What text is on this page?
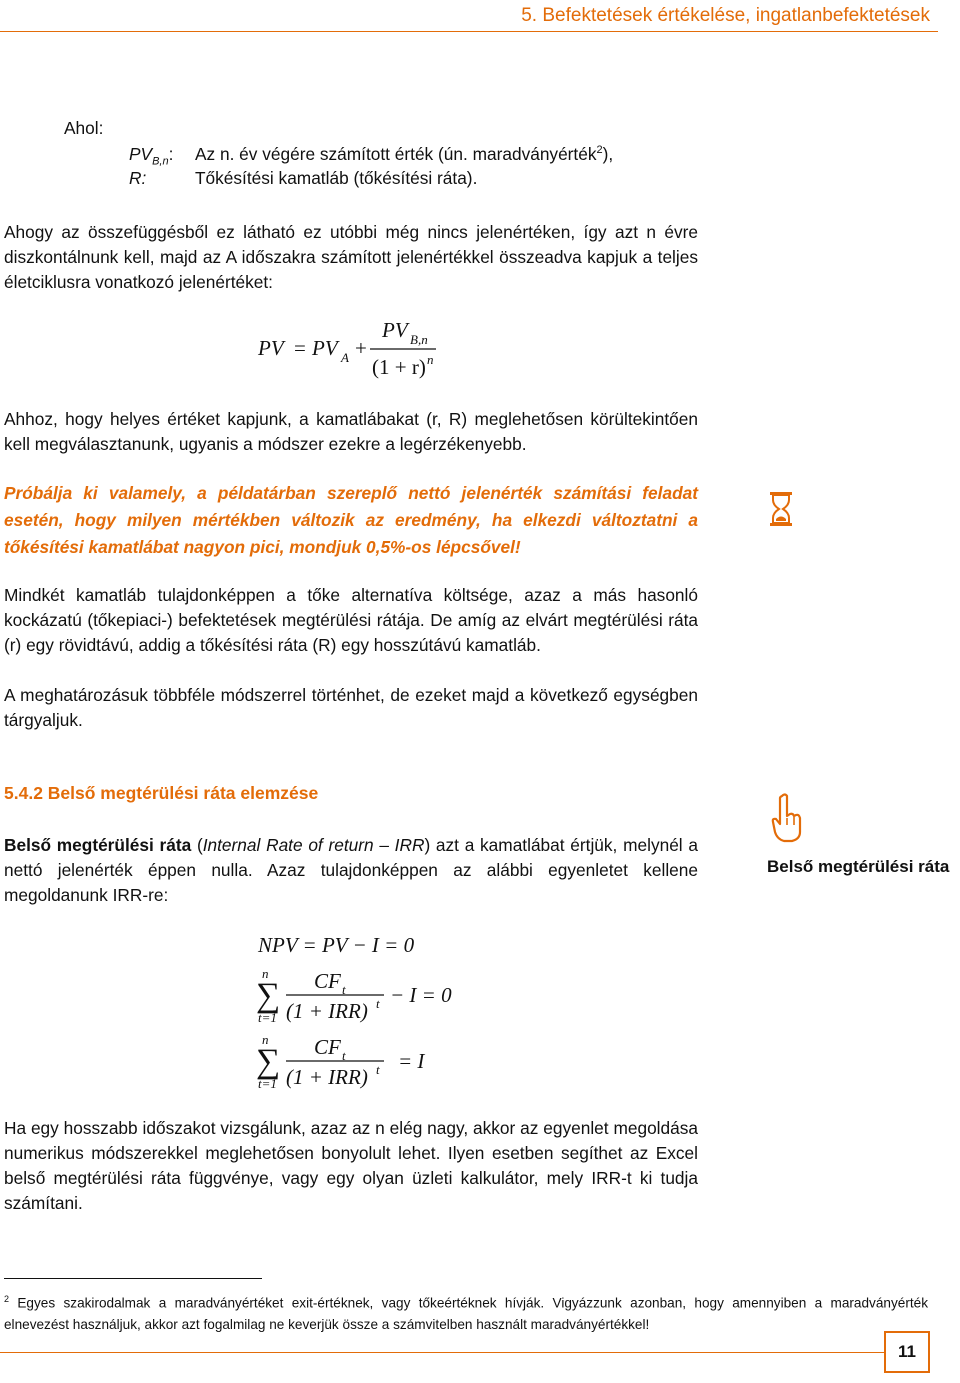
5. Befektetések értékelése, ingatlanbefektetések
Ahol:
$PV_{B,n}$: Az n. év végére számított érték (ún. maradványérték$^2$),
R:	Tőkésítési kamatláb (tőkésítési ráta).
Ahogy az összefüggésből ez látható ez utóbbi még nincs jelenértéken, így azt n évre diszkontálnunk kell, majd az A időszakra számított jelenértékkel összeadva kapjuk a teljes életciklusra vonatkozó jelenértéket:
PV = PV A +
PV B,n
(1 + r) n
Ahhoz, hogy helyes értéket kapjunk, a kamatlábakat (r, R) meglehetősen körültekintően kell megválasztanunk, ugyanis a módszer ezekre a legérzékenyebb.
Próbálja ki valamely, a példatárban szereplő nettó jelenérték számítási feladat esetén, hogy milyen mértékben változik az eredmény, ha elkezdi változtatni a tőkésítési kamatlábat nagyon pici, mondjuk 0,5%-os lépcsővel!
Mindkét kamatláb tulajdonképpen a tőke alternatíva költsége, azaz a más hasonló kockázatú (tőkepiaci-) befektetések megtérülési rátája. De amíg az elvárt megtérülési ráta (r) egy rövidtávú, addig a tőkésítési ráta (R) egy hosszútávú kamatláb.
A meghatározásuk többféle módszerrel történhet, de ezeket majd a következő egységben tárgyaljuk.
5.4.2 Belső megtérülési ráta elemzése
Belső megtérülési ráta
Belső megtérülési ráta (Internal Rate of return – IRR) azt a kamatlábat értjük, melynél a nettó jelenérték éppen nulla. Azaz tulajdonképpen az alábbi egyenletet kellene megoldanunk IRR-re:
NPV = PV − I = 0
n
∑
t=1
CF t
(1 + IRR) t − I = 0
n
∑
t=1
CF t
(1 + IRR) t = I
Ha egy hosszabb időszakot vizsgálunk, azaz az n elég nagy, akkor az egyenlet megoldása numerikus módszerekkel meglehetősen bonyolult lehet. Ilyen esetben segíthet az Excel belső megtérülési ráta függvénye, vagy egy olyan üzleti kalkulátor, mely IRR-t ki tudja számítani.
$^2$ Egyes szakirodalmak a maradványértéket exit-értéknek, vagy tőkeértéknek hívják. Vigyázzunk azonban, hogy amennyiben a maradványérték elnevezést használjuk, akkor azt fogalmilag ne keverjük össze a számvitelben használt maradványértékkel!
11
